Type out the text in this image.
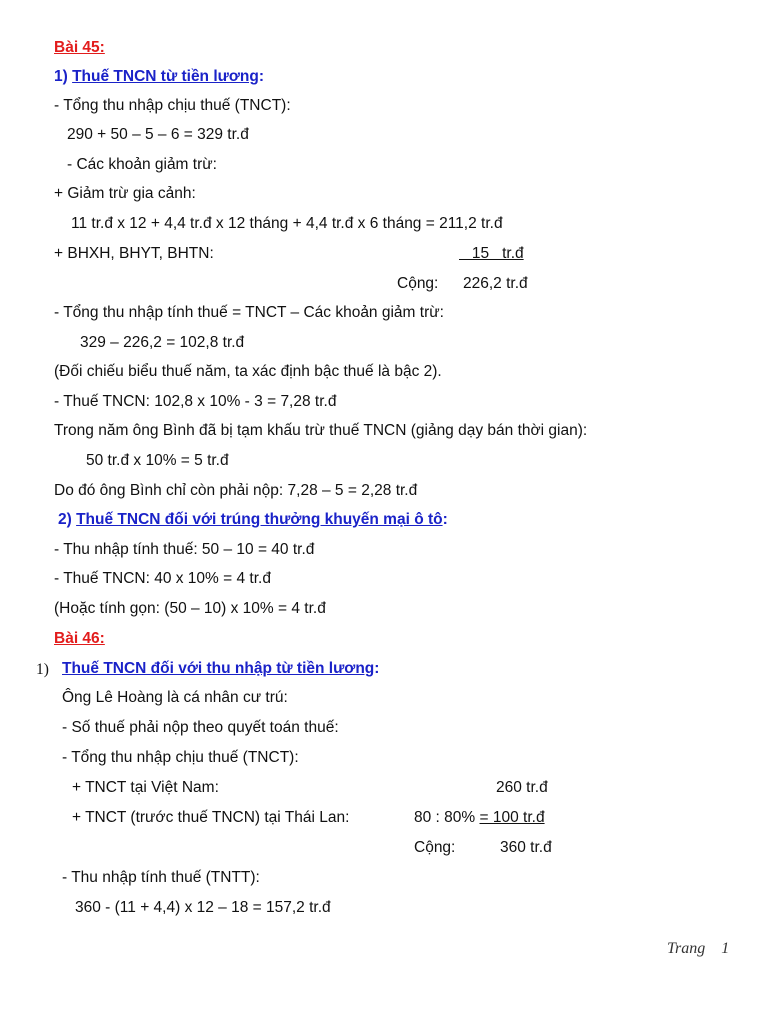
Bài 45:
1) Thuế TNCN từ tiền lương:
- Tổng thu nhập chịu thuế (TNCT):
290 + 50 – 5 – 6 = 329 tr.đ
- Các khoản giảm trừ:
+ Giảm trừ gia cảnh:
11 tr.đ x 12 + 4,4 tr.đ x 12 tháng + 4,4 tr.đ x 6 tháng = 211,2 tr.đ
+ BHXH, BHYT, BHTN:	15   tr.đ
Cộng: 226,2 tr.đ
- Tổng thu nhập tính thuế = TNCT – Các khoản giảm trừ:
329 – 226,2 = 102,8 tr.đ
(Đối chiếu biểu thuế năm, ta xác định bậc thuế là bậc 2).
- Thuế TNCN: 102,8 x 10% - 3 = 7,28 tr.đ
Trong năm ông Bình đã bị tạm khấu trừ thuế TNCN (giảng dạy bán thời gian):
50 tr.đ x 10% = 5 tr.đ
Do đó ông Bình chỉ còn phải nộp: 7,28 – 5 = 2,28 tr.đ
2) Thuế TNCN đối với trúng thưởng khuyến mại ô tô:
- Thu nhập tính thuế: 50 – 10 = 40 tr.đ
- Thuế TNCN: 40 x 10% = 4 tr.đ
(Hoặc tính gọn: (50 – 10) x 10% = 4 tr.đ
Bài 46:
1) Thuế TNCN đối với thu nhập từ tiền lương:
Ông Lê Hoàng là cá nhân cư trú:
- Số thuế phải nộp theo quyết toán thuế:
- Tổng thu nhập chịu thuế (TNCT):
+ TNCT tại Việt Nam:	260 tr.đ
+ TNCT (trước thuế TNCN) tại Thái Lan:	80 : 80% = 100 tr.đ
Cộng:	360 tr.đ
- Thu nhập tính thuế (TNTT):
360 - (11 + 4,4) x 12 – 18 = 157,2 tr.đ
Trang 1
